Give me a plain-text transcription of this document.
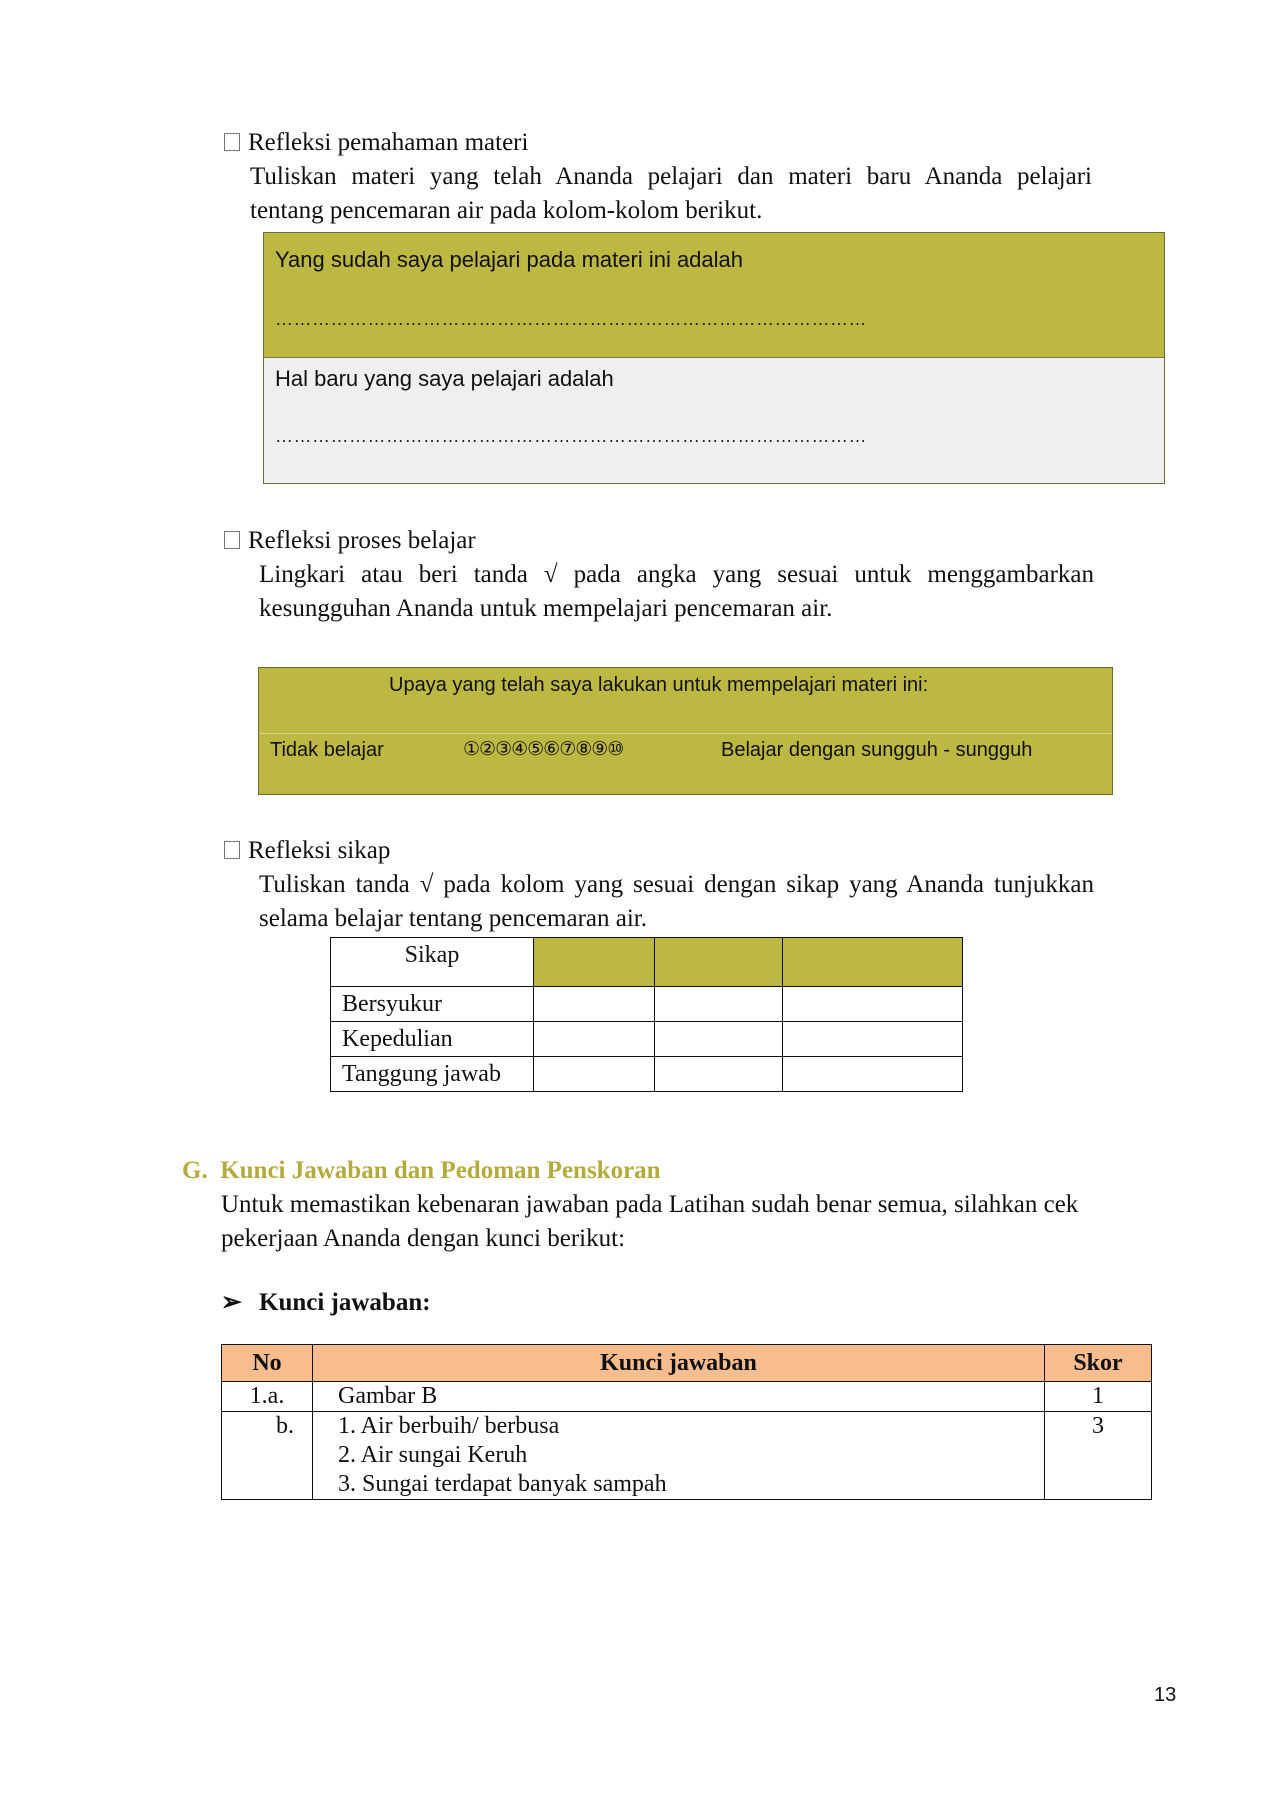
Refleksi pemahaman materi
Tuliskan materi yang telah Ananda pelajari dan materi baru Ananda pelajari
tentang pencemaran air pada kolom-kolom berikut.
Yang sudah saya pelajari pada materi ini adalah
……………………………………………………………………………………
Hal baru yang saya pelajari adalah
……………………………………………………………………………………
Refleksi proses belajar
Lingkari atau beri tanda √ pada angka yang sesuai untuk menggambarkan
kesungguhan Ananda untuk mempelajari pencemaran air.
Upaya yang telah saya lakukan untuk mempelajari materi ini:
Tidak belajar	①②③④⑤⑥⑦⑧⑨⑩	Belajar dengan sungguh - sungguh
Refleksi sikap
Tuliskan tanda √ pada kolom yang sesuai dengan sikap yang Ananda tunjukkan
selama belajar tentang pencemaran air.
Sikap			
Bersyukur			
Kepedulian			
Tanggung jawab			
G. Kunci Jawaban dan Pedoman Penskoran
Untuk memastikan kebenaran jawaban pada Latihan sudah benar semua, silahkan cek
pekerjaan Ananda dengan kunci berikut:
➢ Kunci jawaban:
No	Kunci jawaban	Skor
1.a.	Gambar B	1
b.	1. Air berbuih/ berbusa
2. Air sungai Keruh
3. Sungai terdapat banyak sampah	3
13
